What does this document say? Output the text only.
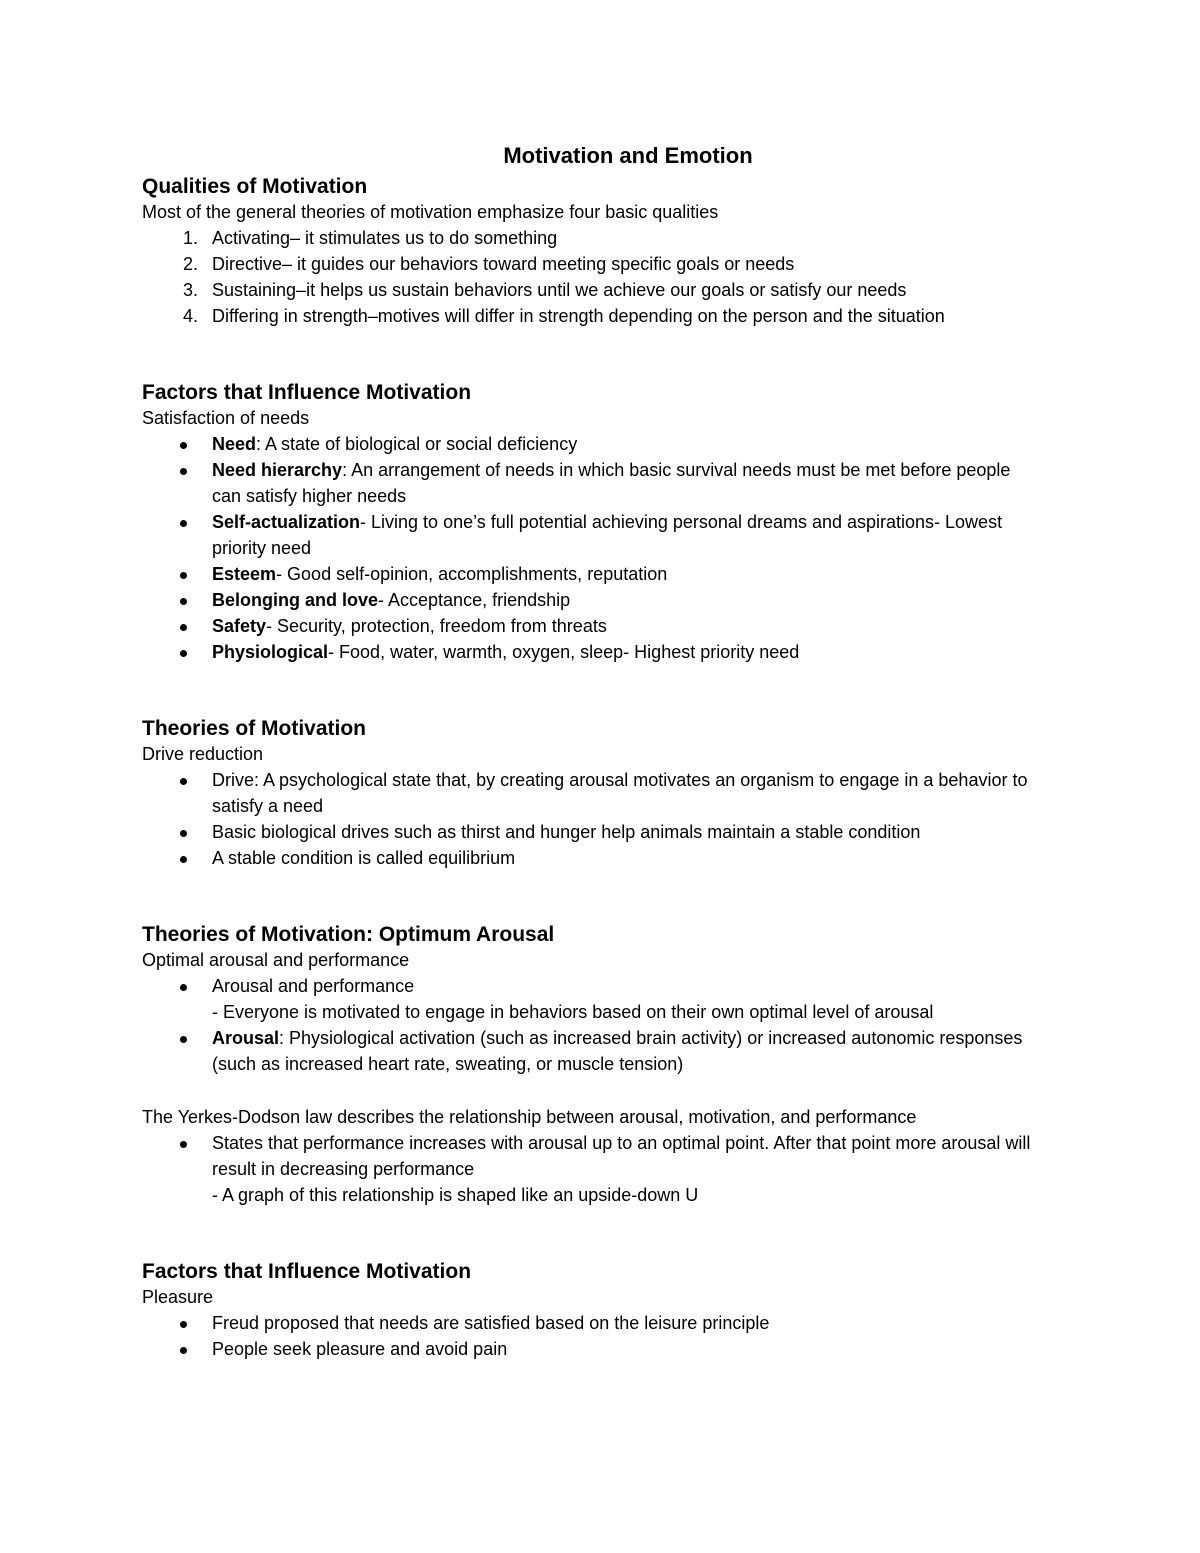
Motivation and Emotion
Qualities of Motivation

Most of the general theories of motivation emphasize four basic qualities

1. Activating– it stimulates us to do something
2. Directive– it guides our behaviors toward meeting specific goals or needs
3. Sustaining–it helps us sustain behaviors until we achieve our goals or satisfy our needs
4. Differing in strength–motives will differ in strength depending on the person and the situation
Factors that Influence Motivation

Satisfaction of needs

Need: A state of biological or social deficiency
Need hierarchy: An arrangement of needs in which basic survival needs must be met before people can satisfy higher needs
Self-actualization- Living to one’s full potential achieving personal dreams and aspirations- Lowest priority need
Esteem- Good self-opinion, accomplishments, reputation
Belonging and love- Acceptance, friendship
Safety- Security, protection, freedom from threats
Physiological- Food, water, warmth, oxygen, sleep- Highest priority need
Theories of Motivation

Drive reduction

Drive: A psychological state that, by creating arousal motivates an organism to engage in a behavior to satisfy a need
Basic biological drives such as thirst and hunger help animals maintain a stable condition
A stable condition is called equilibrium
Theories of Motivation: Optimum Arousal

Optimal arousal and performance

Arousal and performance
- Everyone is motivated to engage in behaviors based on their own optimal level of arousal
Arousal: Physiological activation (such as increased brain activity) or increased autonomic responses (such as increased heart rate, sweating, or muscle tension)

The Yerkes-Dodson law describes the relationship between arousal, motivation, and performance

States that performance increases with arousal up to an optimal point. After that point more arousal will result in decreasing performance
- A graph of this relationship is shaped like an upside-down U
Factors that Influence Motivation

Pleasure

Freud proposed that needs are satisfied based on the leisure principle
People seek pleasure and avoid pain
